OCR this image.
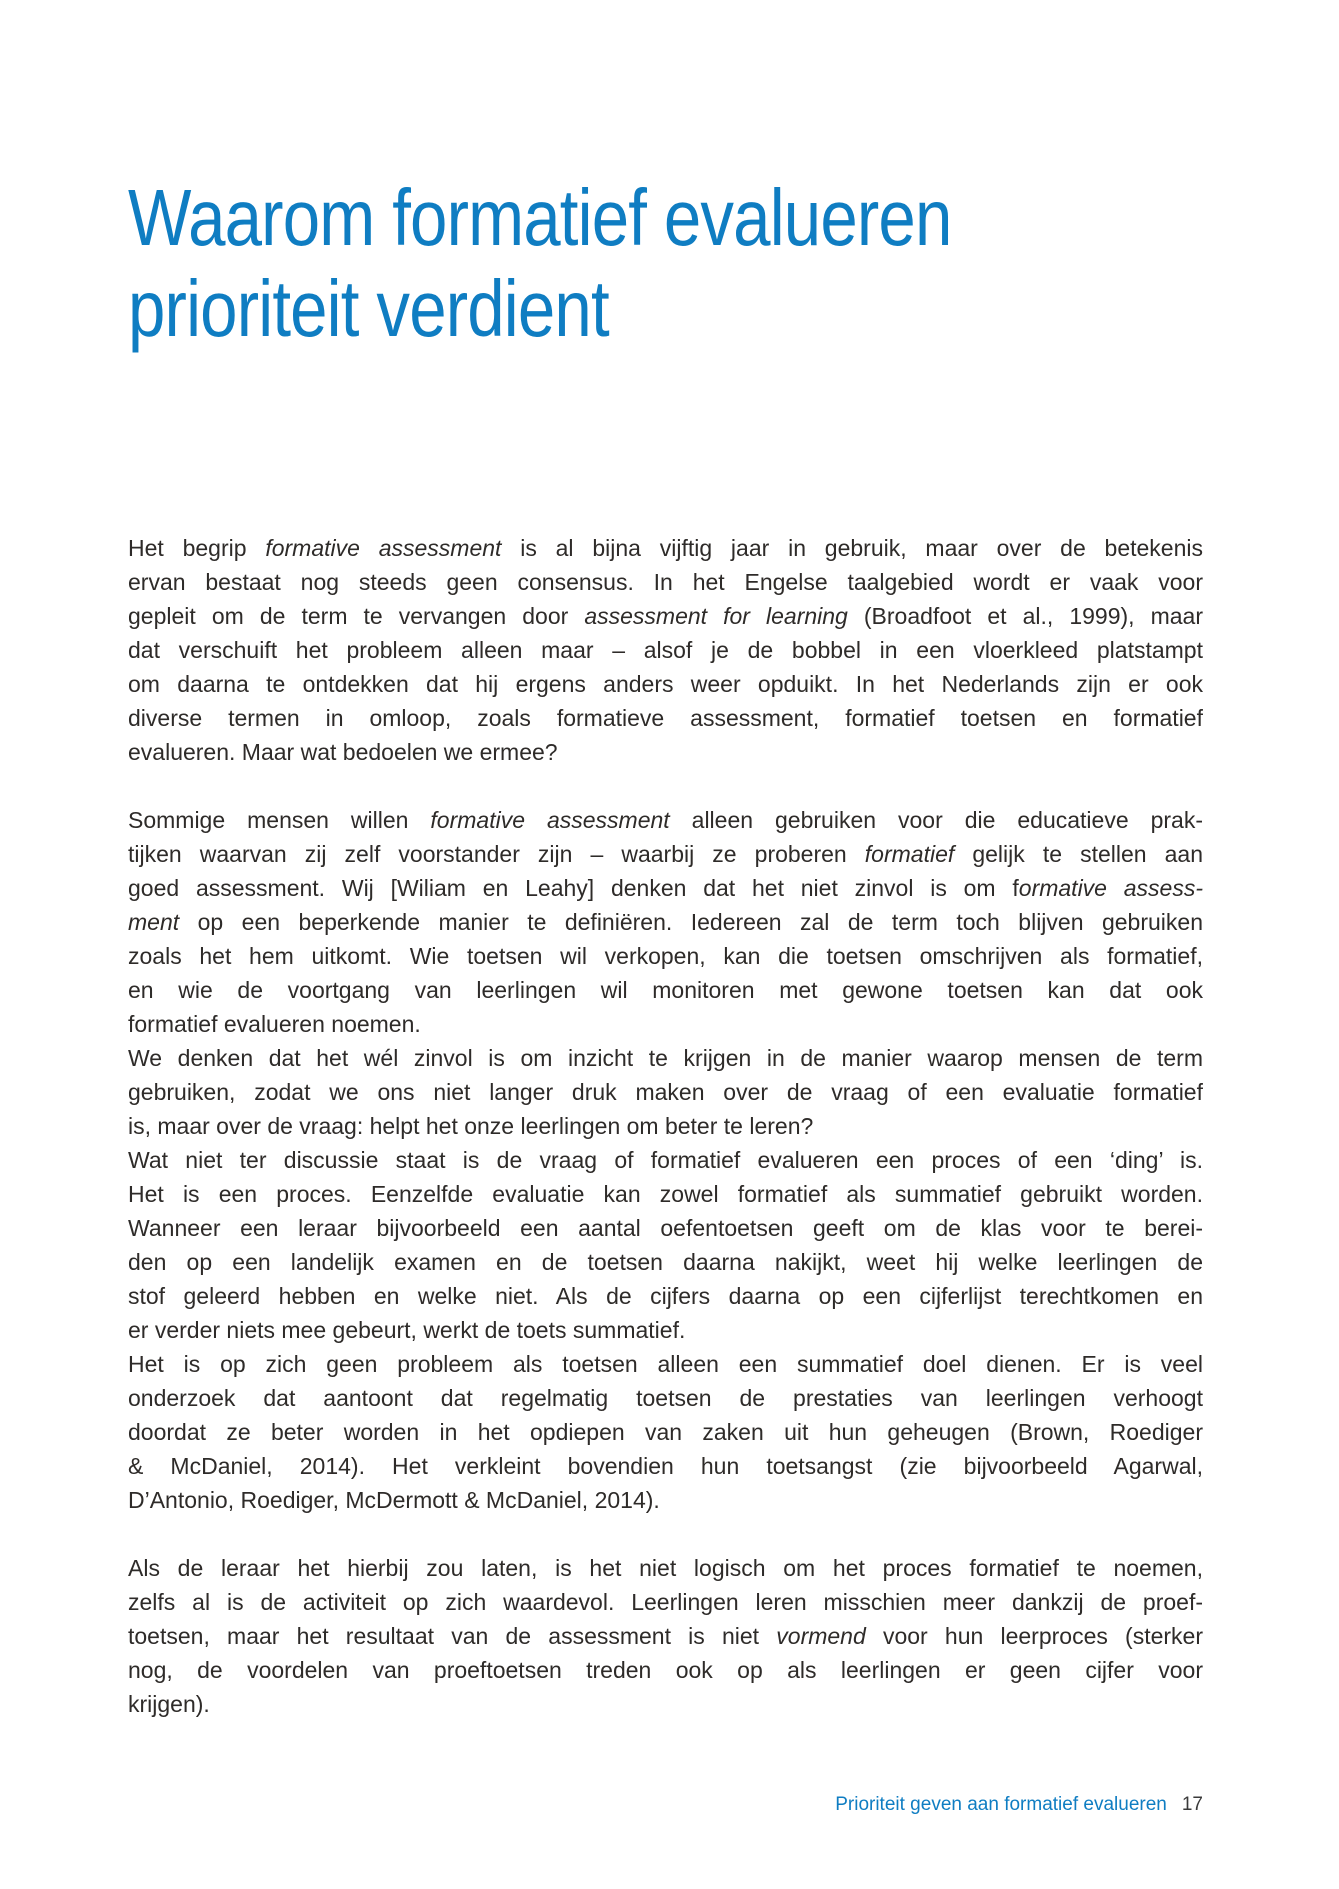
Waarom formatief evalueren
prioriteit verdient
Het begrip formative assessment is al bijna vijftig jaar in gebruik, maar over de betekenis
ervan bestaat nog steeds geen consensus. In het Engelse taalgebied wordt er vaak voor
gepleit om de term te vervangen door assessment for learning (Broadfoot et al., 1999), maar
dat verschuift het probleem alleen maar – alsof je de bobbel in een vloerkleed platstampt
om daarna te ontdekken dat hij ergens anders weer opduikt. In het Nederlands zijn er ook
diverse termen in omloop, zoals formatieve assessment, formatief toetsen en formatief
evalueren. Maar wat bedoelen we ermee?
Sommige mensen willen formative assessment alleen gebruiken voor die educatieve prak-
tijken waarvan zij zelf voorstander zijn – waarbij ze proberen formatief gelijk te stellen aan
goed assessment. Wij [Wiliam en Leahy] denken dat het niet zinvol is om formative assess-
ment op een beperkende manier te definiëren. Iedereen zal de term toch blijven gebruiken
zoals het hem uitkomt. Wie toetsen wil verkopen, kan die toetsen omschrijven als formatief,
en wie de voortgang van leerlingen wil monitoren met gewone toetsen kan dat ook
formatief evalueren noemen.
We denken dat het wél zinvol is om inzicht te krijgen in de manier waarop mensen de term
gebruiken, zodat we ons niet langer druk maken over de vraag of een evaluatie formatief
is, maar over de vraag: helpt het onze leerlingen om beter te leren?
Wat niet ter discussie staat is de vraag of formatief evalueren een proces of een ‘ding’ is.
Het is een proces. Eenzelfde evaluatie kan zowel formatief als summatief gebruikt worden.
Wanneer een leraar bijvoorbeeld een aantal oefentoetsen geeft om de klas voor te berei-
den op een landelijk examen en de toetsen daarna nakijkt, weet hij welke leerlingen de
stof geleerd hebben en welke niet. Als de cijfers daarna op een cijferlijst terechtkomen en
er verder niets mee gebeurt, werkt de toets summatief.
Het is op zich geen probleem als toetsen alleen een summatief doel dienen. Er is veel
onderzoek dat aantoont dat regelmatig toetsen de prestaties van leerlingen verhoogt
doordat ze beter worden in het opdiepen van zaken uit hun geheugen (Brown, Roediger
& McDaniel, 2014). Het verkleint bovendien hun toetsangst (zie bijvoorbeeld Agarwal,
D’Antonio, Roediger, McDermott & McDaniel, 2014).
Als de leraar het hierbij zou laten, is het niet logisch om het proces formatief te noemen,
zelfs al is de activiteit op zich waardevol. Leerlingen leren misschien meer dankzij de proef-
toetsen, maar het resultaat van de assessment is niet vormend voor hun leerproces (sterker
nog, de voordelen van proeftoetsen treden ook op als leerlingen er geen cijfer voor
krijgen).
Prioriteit geven aan formatief evalueren 17
